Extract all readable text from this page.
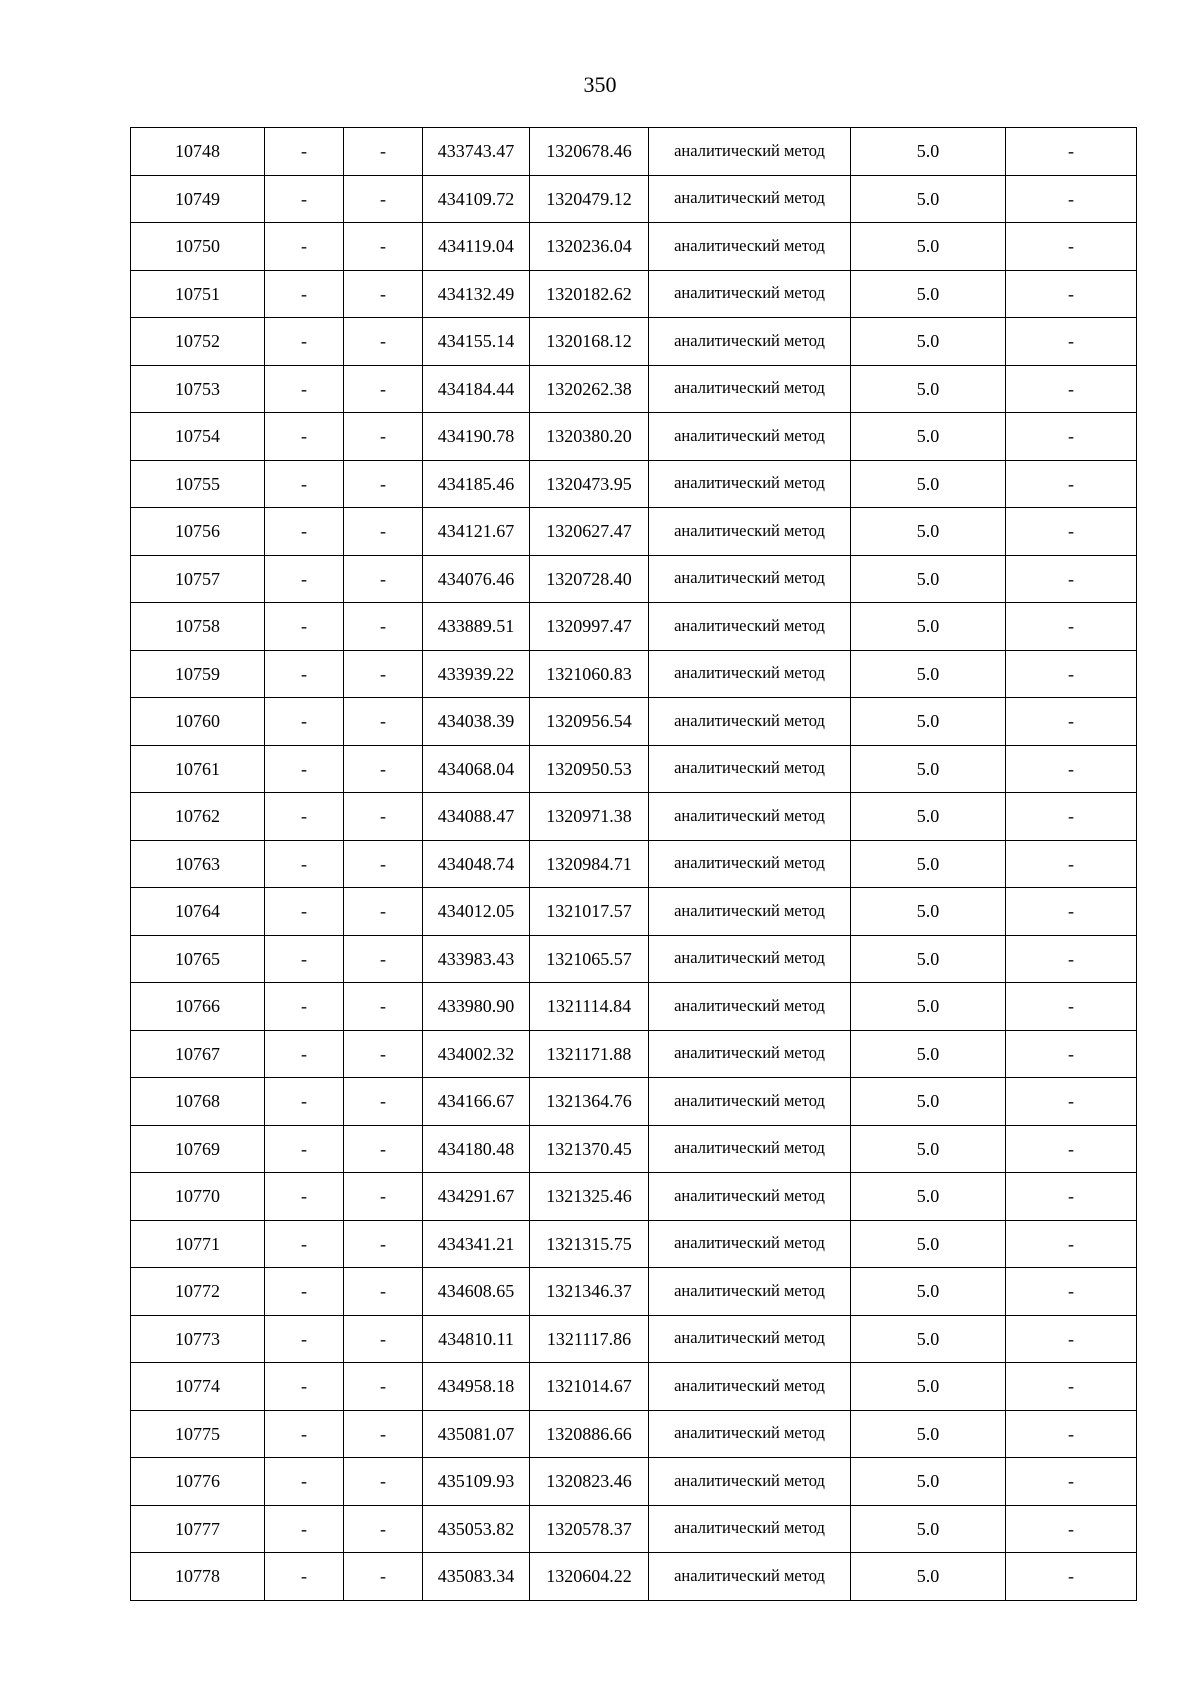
350
10748	-	-	433743.47	1320678.46	аналитический метод	5.0	-
10749	-	-	434109.72	1320479.12	аналитический метод	5.0	-
10750	-	-	434119.04	1320236.04	аналитический метод	5.0	-
10751	-	-	434132.49	1320182.62	аналитический метод	5.0	-
10752	-	-	434155.14	1320168.12	аналитический метод	5.0	-
10753	-	-	434184.44	1320262.38	аналитический метод	5.0	-
10754	-	-	434190.78	1320380.20	аналитический метод	5.0	-
10755	-	-	434185.46	1320473.95	аналитический метод	5.0	-
10756	-	-	434121.67	1320627.47	аналитический метод	5.0	-
10757	-	-	434076.46	1320728.40	аналитический метод	5.0	-
10758	-	-	433889.51	1320997.47	аналитический метод	5.0	-
10759	-	-	433939.22	1321060.83	аналитический метод	5.0	-
10760	-	-	434038.39	1320956.54	аналитический метод	5.0	-
10761	-	-	434068.04	1320950.53	аналитический метод	5.0	-
10762	-	-	434088.47	1320971.38	аналитический метод	5.0	-
10763	-	-	434048.74	1320984.71	аналитический метод	5.0	-
10764	-	-	434012.05	1321017.57	аналитический метод	5.0	-
10765	-	-	433983.43	1321065.57	аналитический метод	5.0	-
10766	-	-	433980.90	1321114.84	аналитический метод	5.0	-
10767	-	-	434002.32	1321171.88	аналитический метод	5.0	-
10768	-	-	434166.67	1321364.76	аналитический метод	5.0	-
10769	-	-	434180.48	1321370.45	аналитический метод	5.0	-
10770	-	-	434291.67	1321325.46	аналитический метод	5.0	-
10771	-	-	434341.21	1321315.75	аналитический метод	5.0	-
10772	-	-	434608.65	1321346.37	аналитический метод	5.0	-
10773	-	-	434810.11	1321117.86	аналитический метод	5.0	-
10774	-	-	434958.18	1321014.67	аналитический метод	5.0	-
10775	-	-	435081.07	1320886.66	аналитический метод	5.0	-
10776	-	-	435109.93	1320823.46	аналитический метод	5.0	-
10777	-	-	435053.82	1320578.37	аналитический метод	5.0	-
10778	-	-	435083.34	1320604.22	аналитический метод	5.0	-
